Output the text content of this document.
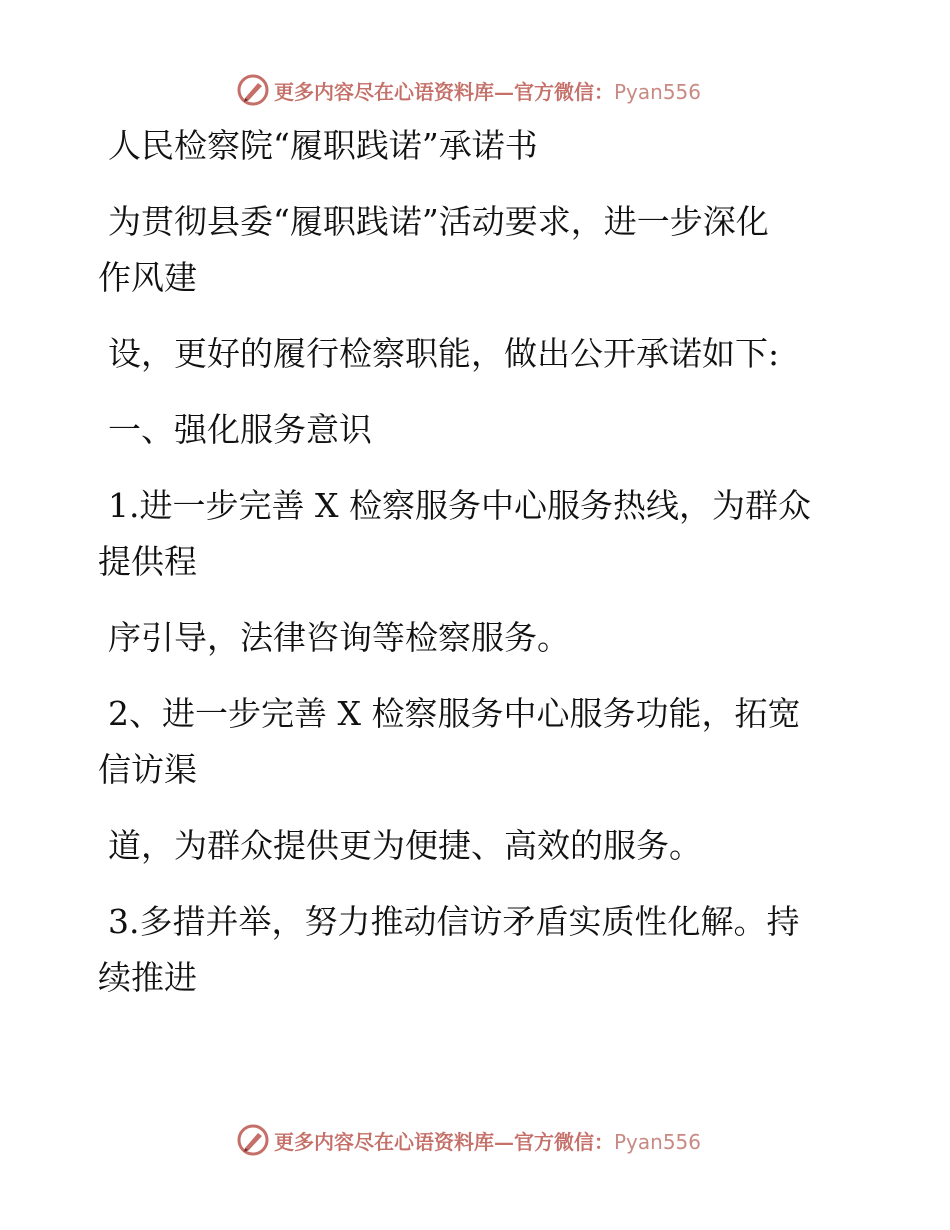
更多内容尽在心语资料库—官方微信：Pyan556

人民检察院“履职践诺”承诺书

为贯彻县委“履职践诺”活动要求，进一步深化

作风建

设，更好的履行检察职能，做出公开承诺如下:

一、强化服务意识

1.进一步完善 X 检察服务中心服务热线，为群众

提供程

序引导，法律咨询等检察服务。

2、进一步完善 X 检察服务中心服务功能，拓宽

信访渠

道，为群众提供更为便捷、高效的服务。

3.多措并举，努力推动信访矛盾实质性化解。持

续推进

更多内容尽在心语资料库—官方微信：Pyan556
